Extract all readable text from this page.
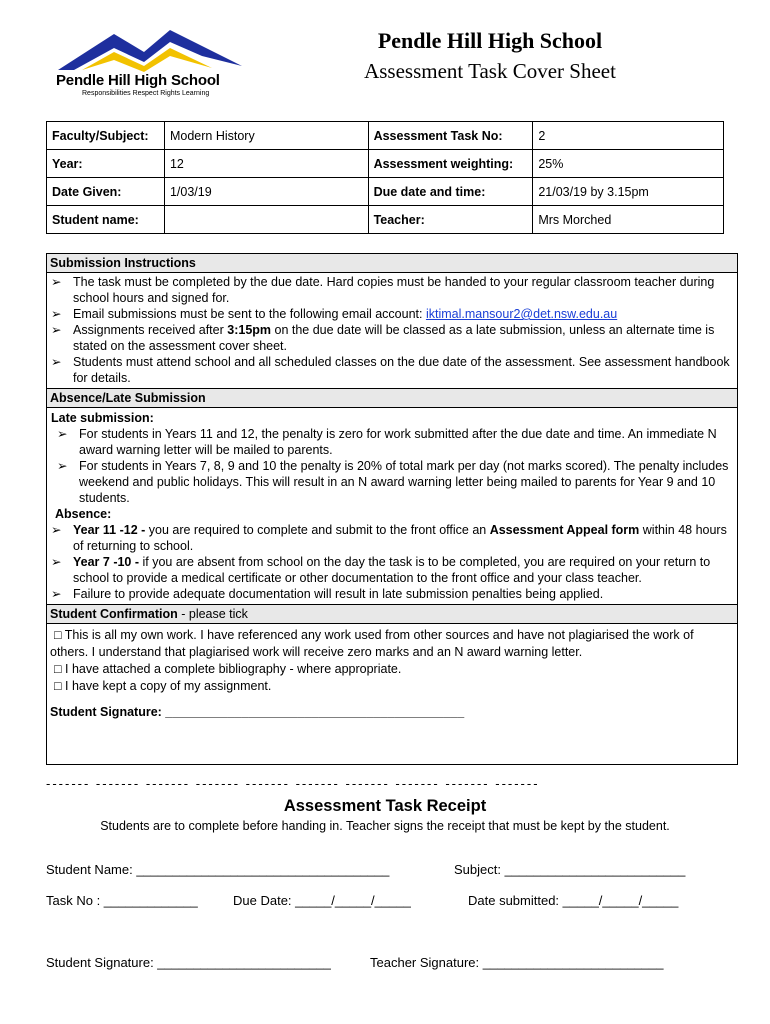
Pendle Hill High School
Responsibilities Respect Rights Learning
Pendle Hill High School
Assessment Task Cover Sheet
Faculty/Subject:	Modern History	Assessment Task No:	2
Year:	12	Assessment weighting:	25%
Date Given:	1/03/19	Due date and time:	21/03/19 by 3.15pm
Student name:		Teacher:	Mrs Morched
Submission Instructions
➢ The task must be completed by the due date. Hard copies must be handed to your regular classroom teacher during school hours and signed for.
➢ Email submissions must be sent to the following email account: iktimal.mansour2@det.nsw.edu.au
➢ Assignments received after 3:15pm on the due date will be classed as a late submission, unless an alternate time is stated on the assessment cover sheet.
➢ Students must attend school and all scheduled classes on the due date of the assessment. See assessment handbook for details.
Absence/Late Submission
Late submission:
➢ For students in Years 11 and 12, the penalty is zero for work submitted after the due date and time. An immediate N award warning letter will be mailed to parents.
➢ For students in Years 7, 8, 9 and 10 the penalty is 20% of total mark per day (not marks scored). The penalty includes weekend and public holidays. This will result in an N award warning letter being mailed to parents for Year 9 and 10 students.
Absence:
➢ Year 11 -12 - you are required to complete and submit to the front office an Assessment Appeal form within 48 hours of returning to school.
➢ Year 7 -10 - if you are absent from school on the day the task is to be completed, you are required on your return to school to provide a medical certificate or other documentation to the front office and your class teacher.
➢ Failure to provide adequate documentation will result in late submission penalties being applied.
Student Confirmation - please tick
□ This is all my own work. I have referenced any work used from other sources and have not plagiarised the work of others. I understand that plagiarised work will receive zero marks and an N award warning letter.
□ I have attached a complete bibliography - where appropriate.
□ I have kept a copy of my assignment.
Student Signature: ___________________________________________
------- ------- ------- ------- ------- ------- ------- ------- ------- -------
Assessment Task Receipt
Students are to complete before handing in. Teacher signs the receipt that must be kept by the student.
Student Name: ___________________________________	Subject: _________________________
Task No : _____________	Due Date: _____/_____/_____	Date submitted: _____/_____/_____
Student Signature: ________________________	Teacher Signature: _________________________
